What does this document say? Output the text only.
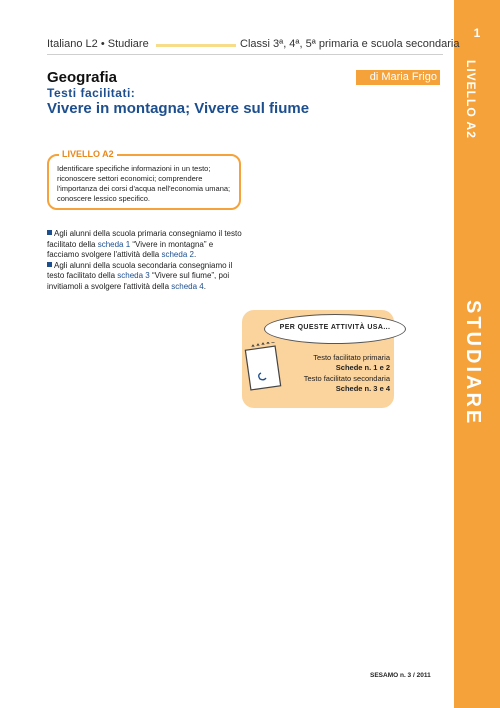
1
LIVELLO A2
STUDIARE
Italiano L2 • Studiare	Classi 3ª, 4ª, 5ª primaria e scuola secondaria
Geografia	di Maria Frigo
Testi facilitati:
Vivere in montagna; Vivere sul fiume
LIVELLO A2

Identificare specifiche informazioni in un testo; riconoscere settori economici; comprendere l'importanza dei corsi d'acqua nell'economia umana; conoscere lessico specifico.

Agli alunni della scuola primaria consegniamo il testo facilitato della scheda 1 “Vivere in montagna” e facciamo svolgere l'attività della scheda 2.

Agli alunni della scuola secondaria consegniamo il testo facilitato della scheda 3 “Vivere sul fiume”, poi invitiamoli a svolgere l'attività della scheda 4.

PER QUESTE ATTIVITÀ USA...
Testo facilitato primaria
Schede n. 1 e 2
Testo facilitato secondaria
Schede n. 3 e 4
SESAMO n. 3 / 2011
